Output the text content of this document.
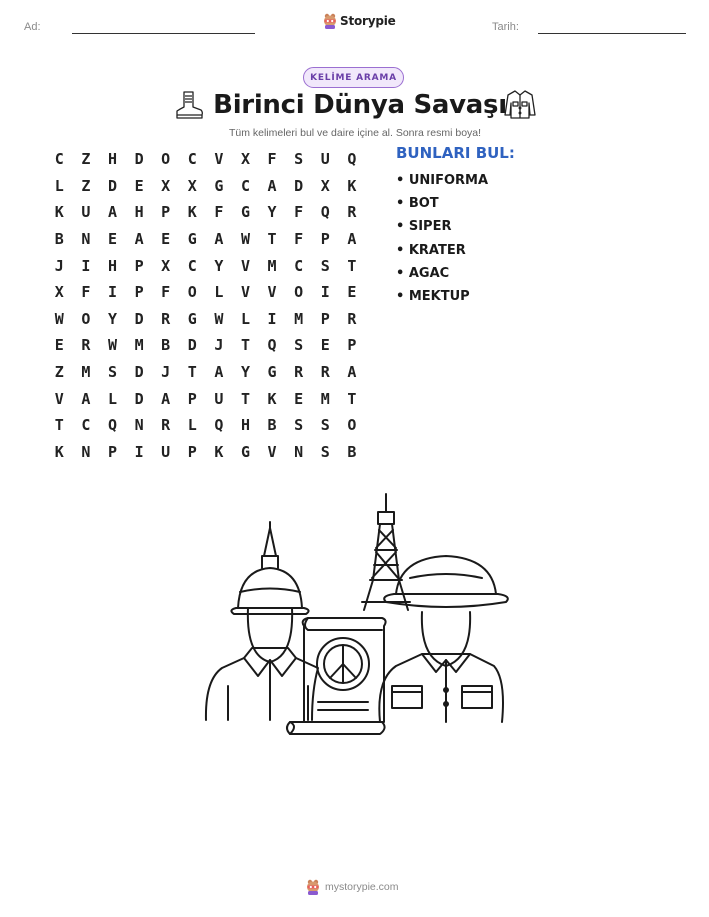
Ad:	Storypie	Tarih:
KELİME ARAMA
Birinci Dünya Savaşı
Tüm kelimeleri bul ve daire içine al. Sonra resmi boya!
C	Z	H	D	O	C	V	X	F	S	U	Q
L	Z	D	E	X	X	G	C	A	D	X	K
K	U	A	H	P	K	F	G	Y	F	Q	R
B	N	E	A	E	G	A	W	T	F	P	A
J	I	H	P	X	C	Y	V	M	C	S	T
X	F	I	P	F	O	L	V	V	O	I	E
W	O	Y	D	R	G	W	L	I	M	P	R
E	R	W	M	B	D	J	T	Q	S	E	P
Z	M	S	D	J	T	A	Y	G	R	R	A
V	A	L	D	A	P	U	T	K	E	M	T
T	C	Q	N	R	L	Q	H	B	S	S	O
K	N	P	I	U	P	K	G	V	N	S	B
BUNLARI BUL:
• UNIFORMA
• BOT
• SIPER
• KRATER
• AGAC
• MEKTUP
mystorypie.com
